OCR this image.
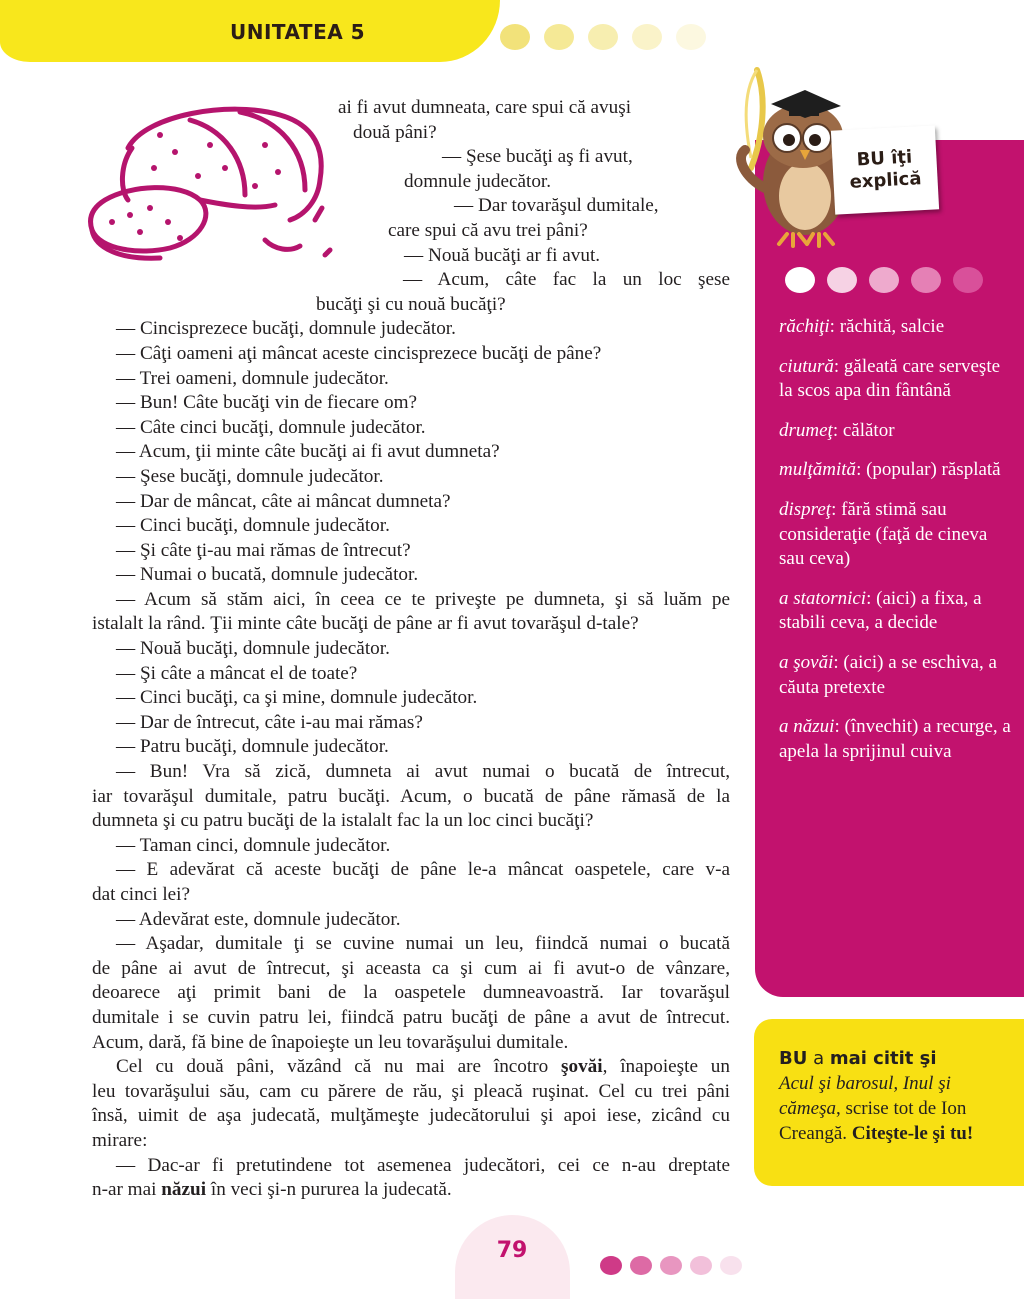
UNITATEA 5
ai fi avut dumneata, care spui că avuşi
două pâni?
— Şese bucăţi aş fi avut,
domnule judecător.
— Dar tovarăşul dumitale,
care spui că avu trei pâni?
— Nouă bucăţi ar fi avut.
— Acum, câte fac la un loc şese
bucăţi şi cu nouă bucăţi?
— Cincisprezece bucăţi, domnule judecător.
— Câţi oameni aţi mâncat aceste cincisprezece bucăţi de pâne?
— Trei oameni, domnule judecător.
— Bun! Câte bucăţi vin de fiecare om?
— Câte cinci bucăţi, domnule judecător.
— Acum, ţii minte câte bucăţi ai fi avut dumneta?
— Şese bucăţi, domnule judecător.
— Dar de mâncat, câte ai mâncat dumneta?
— Cinci bucăţi, domnule judecător.
— Şi câte ţi-au mai rămas de întrecut?
— Numai o bucată, domnule judecător.
— Acum să stăm aici, în ceea ce te priveşte pe dumneta, şi să luăm pe
istalalt la rând. Ţii minte câte bucăţi de pâne ar fi avut tovarăşul d-tale?
— Nouă bucăţi, domnule judecător.
— Şi câte a mâncat el de toate?
— Cinci bucăţi, ca şi mine, domnule judecător.
— Dar de întrecut, câte i-au mai rămas?
— Patru bucăţi, domnule judecător.
— Bun! Vra să zică, dumneta ai avut numai o bucată de întrecut,
iar tovarăşul dumitale, patru bucăţi. Acum, o bucată de pâne rămasă de la
dumneta şi cu patru bucăţi de la istalalt fac la un loc cinci bucăţi?
— Taman cinci, domnule judecător.
— E adevărat că aceste bucăţi de pâne le-a mâncat oaspetele, care v-a
dat cinci lei?
— Adevărat este, domnule judecător.
— Aşadar, dumitale ţi se cuvine numai un leu, fiindcă numai o bucată
de pâne ai avut de întrecut, şi aceasta ca şi cum ai fi avut-o de vânzare,
deoarece aţi primit bani de la oaspetele dumneavoastră. Iar tovarăşul
dumitale i se cuvin patru lei, fiindcă patru bucăţi de pâne a avut de întrecut.
Acum, dară, fă bine de înapoieşte un leu tovarăşului dumitale.
Cel cu două pâni, văzând că nu mai are încotro şovăi, înapoieşte un
leu tovarăşului său, cam cu părere de rău, şi pleacă ruşinat. Cel cu trei pâni
însă, uimit de aşa judecată, mulţămeşte judecătorului şi apoi iese, zicând cu
mirare:
— Dac-ar fi pretutindene tot asemenea judecători, cei ce n-au dreptate
n-ar mai năzui în veci şi-n pururea la judecată.
BU îţi
explică
răchiţi: răchită, salcie
ciutură: găleată care serveşte la scos apa din fântână
drumeţ: călător
mulţămită: (popular) răsplată
dispreţ: fără stimă sau consideraţie (faţă de cineva sau ceva)
a statornici: (aici) a fixa, a stabili ceva, a decide
a şovăi: (aici) a se eschiva, a căuta pretexte
a năzui: (învechit) a recurge, a apela la sprijinul cuiva
BU a mai citit şi
Acul şi barosul, Inul şi cămeşa, scrise tot de Ion Creangă. Citeşte-le şi tu!
79
